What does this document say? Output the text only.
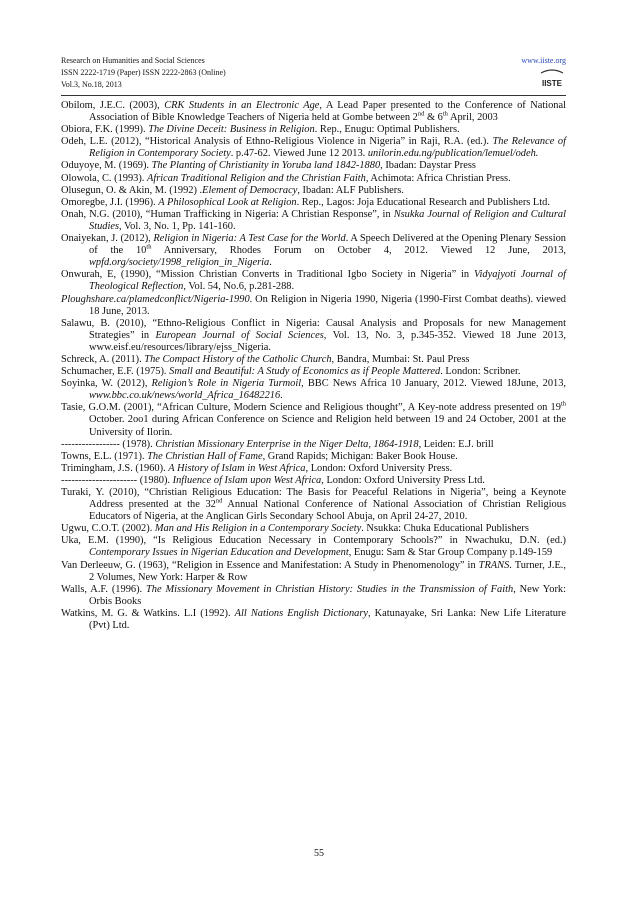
Research on Humanities and Social Sciences
ISSN 2222-1719 (Paper) ISSN 2222-2863 (Online)
Vol.3, No.18, 2013
www.iiste.org
IISTE
Obilom, J.E.C. (2003), CRK Students in an Electronic Age, A Lead Paper presented to the Conference of National Association of Bible Knowledge Teachers of Nigeria held at Gombe between 2nd & 6th April, 2003
Obiora, F.K. (1999). The Divine Deceit: Business in Religion. Rep., Enugu: Optimal Publishers.
Odeh, L.E. (2012), “Historical Analysis of Ethno-Religious Violence in Nigeria” in Raji, R.A. (ed.). The Relevance of Religion in Contemporary Society. p.47-62. Viewed June 12 2013. unilorin.edu.ng/publication/lemuel/odeh.
Oduyoye, M. (1969). The Planting of Christianity in Yoruba land 1842-1880, Ibadan: Daystar Press
Olowola, C. (1993). African Traditional Religion and the Christian Faith, Achimota: Africa Christian Press.
Olusegun, O. & Akin, M. (1992) .Element of Democracy, Ibadan: ALF Publishers.
Omoregbe, J.I. (1996). A Philosophical Look at Religion. Rep., Lagos: Joja Educational Research and Publishers Ltd.
Onah, N.G. (2010), “Human Trafficking in Nigeria: A Christian Response”, in Nsukka Journal of Religion and Cultural Studies, Vol. 3, No. 1, Pp. 141-160.
Onaiyekan, J. (2012), Religion in Nigeria: A Test Case for the World. A Speech Delivered at the Opening Plenary Session of the 10th Anniversary, Rhodes Forum on October 4, 2012. Viewed 12 June, 2013, wpfd.org/society/1998_religion_in_Nigeria.
Onwurah, E, (1990), “Mission Christian Converts in Traditional Igbo Society in Nigeria” in Vidyajyoti Journal of Theological Reflection, Vol. 54, No.6, p.281-288.
Ploughshare.ca/plamedconflict/Nigeria-1990. On Religion in Nigeria 1990, Nigeria (1990-First Combat deaths). viewed 18 June, 2013.
Salawu, B. (2010), “Ethno-Religious Conflict in Nigeria: Causal Analysis and Proposals for new Management Strategies” in European Journal of Social Sciences, Vol. 13, No. 3, p.345-352. Viewed 18 June 2013, www.eisf.eu/resources/library/ejss_Nigeria.
Schreck, A. (2011). The Compact History of the Catholic Church, Bandra, Mumbai: St. Paul Press
Schumacher, E.F. (1975). Small and Beautiful: A Study of Economics as if People Mattered. London: Scribner.
Soyinka, W. (2012), Religion’s Role in Nigeria Turmoil, BBC News Africa 10 January, 2012. Viewed 18June, 2013, www.bbc.co.uk/news/world_Africa_16482216.
Tasie, G.O.M. (2001), “African Culture, Modern Science and Religious thought”, A Key-note address presented on 19th October. 2oo1 during African Conference on Science and Religion held between 19 and 24 October, 2001 at the University of Ilorin.
----------------- (1978). Christian Missionary Enterprise in the Niger Delta, 1864-1918, Leiden: E.J. brill
Towns, E.L. (1971). The Christian Hall of Fame, Grand Rapids; Michigan: Baker Book House.
Trimingham, J.S. (1960). A History of Islam in West Africa, London: Oxford University Press.
---------------------- (1980). Influence of Islam upon West Africa, London: Oxford University Press Ltd.
Turaki, Y. (2010), “Christian Religious Education: The Basis for Peaceful Relations in Nigeria”, being a Keynote Address presented at the 32nd Annual National Conference of National Association of Christian Religious Educators of Nigeria, at the Anglican Girls Secondary School Abuja, on April 24-27, 2010.
Ugwu, C.O.T. (2002). Man and His Religion in a Contemporary Society. Nsukka: Chuka Educational Publishers
Uka, E.M. (1990), “Is Religious Education Necessary in Contemporary Schools?” in Nwachuku, D.N. (ed.) Contemporary Issues in Nigerian Education and Development, Enugu: Sam & Star Group Company p.149-159
Van Derleeuw, G. (1963), “Religion in Essence and Manifestation: A Study in Phenomenology” in TRANS. Turner, J.E., 2 Volumes, New York: Harper & Row
Walls, A.F. (1996). The Missionary Movement in Christian History: Studies in the Transmission of Faith, New York: Orbis Books
Watkins, M. G. & Watkins. L.I (1992). All Nations English Dictionary, Katunayake, Sri Lanka: New Life Literature (Pvt) Ltd.
55
